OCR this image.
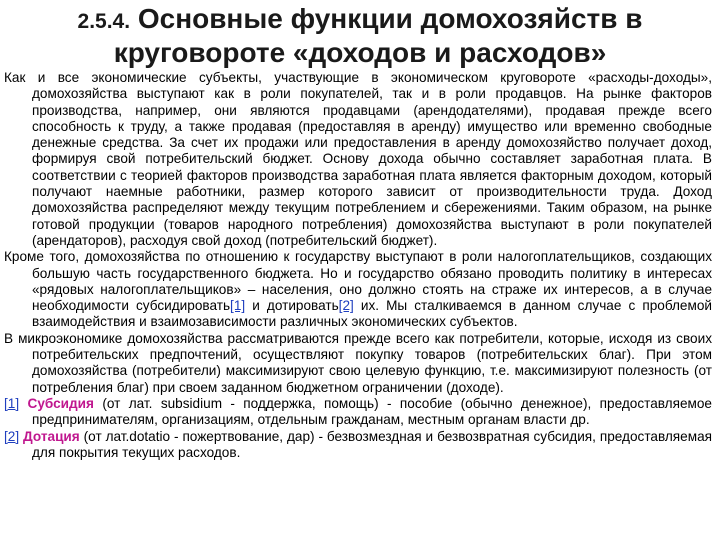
2.5.4. Основные функции домохозяйств в
круговороте «доходов и расходов»

Как и все экономические субъекты, участвующие в экономическом круговороте «расходы-доходы», домохозяйства выступают как в роли покупателей, так и в роли продавцов. На рынке факторов производства, например, они являются продавцами (арендодателями), продавая прежде всего способность к труду, а также продавая (предоставляя в аренду) имущество или временно свободные денежные средства. За счет их продажи или предоставления в аренду домохозяйство получает доход, формируя свой потребительский бюджет. Основу дохода обычно составляет заработная плата. В соответствии с теорией факторов производства заработная плата является факторным доходом, который получают наемные работники, размер которого зависит от производительности труда. Доход домохозяйства распределяют между текущим потреблением и сбережениями. Таким образом, на рынке готовой продукции (товаров народного потребления) домохозяйства выступают в роли покупателей (арендаторов), расходуя свой доход (потребительский бюджет).

Кроме того, домохозяйства по отношению к государству выступают в роли налогоплательщиков, создающих большую часть государственного бюджета. Но и государство обязано проводить политику в интересах «рядовых налогоплательщиков» – населения, оно должно стоять на страже их интересов, а в случае необходимости субсидировать[1] и дотировать[2] их. Мы сталкиваемся в данном случае с проблемой взаимодействия и взаимозависимости различных экономических субъектов.

В микроэкономике домохозяйства рассматриваются прежде всего как потребители, которые, исходя из своих потребительских предпочтений, осуществляют покупку товаров (потребительских благ). При этом домохозяйства (потребители) максимизируют свою целевую функцию, т.е. максимизируют полезность (от потребления благ) при своем заданном бюджетном ограничении (доходе).

[1] Субсидия (от лат. subsidium - поддержка, помощь) - пособие (обычно денежное), предоставляемое предпринимателям, организациям, отдельным гражданам, местным органам власти др.

[2] Дотация (от лат.dotatio - пожертвование, дар) - безвозмездная и безвозвратная субсидия, предоставляемая для покрытия текущих расходов.
